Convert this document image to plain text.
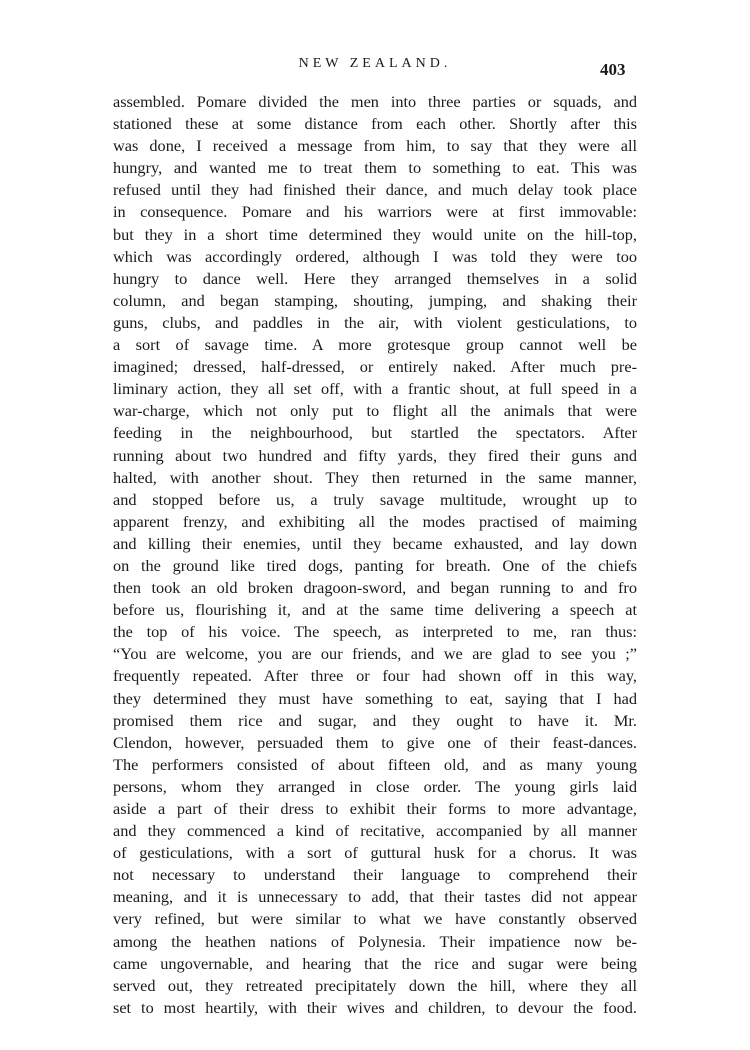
NEW ZEALAND.	403
assembled. Pomare divided the men into three parties or squads, and
stationed these at some distance from each other. Shortly after this
was done, I received a message from him, to say that they were all
hungry, and wanted me to treat them to something to eat. This was
refused until they had finished their dance, and much delay took place
in consequence. Pomare and his warriors were at first immovable:
but they in a short time determined they would unite on the hill-top,
which was accordingly ordered, although I was told they were too
hungry to dance well. Here they arranged themselves in a solid
column, and began stamping, shouting, jumping, and shaking their
guns, clubs, and paddles in the air, with violent gesticulations, to
a sort of savage time. A more grotesque group cannot well be
imagined; dressed, half-dressed, or entirely naked. After much pre-
liminary action, they all set off, with a frantic shout, at full speed in a
war-charge, which not only put to flight all the animals that were
feeding in the neighbourhood, but startled the spectators. After
running about two hundred and fifty yards, they fired their guns and
halted, with another shout. They then returned in the same manner,
and stopped before us, a truly savage multitude, wrought up to
apparent frenzy, and exhibiting all the modes practised of maiming
and killing their enemies, until they became exhausted, and lay down
on the ground like tired dogs, panting for breath. One of the chiefs
then took an old broken dragoon-sword, and began running to and fro
before us, flourishing it, and at the same time delivering a speech at
the top of his voice. The speech, as interpreted to me, ran thus:
“You are welcome, you are our friends, and we are glad to see you ;”
frequently repeated. After three or four had shown off in this way,
they determined they must have something to eat, saying that I had
promised them rice and sugar, and they ought to have it. Mr.
Clendon, however, persuaded them to give one of their feast-dances.
The performers consisted of about fifteen old, and as many young
persons, whom they arranged in close order. The young girls laid
aside a part of their dress to exhibit their forms to more advantage,
and they commenced a kind of recitative, accompanied by all manner
of gesticulations, with a sort of guttural husk for a chorus. It was
not necessary to understand their language to comprehend their
meaning, and it is unnecessary to add, that their tastes did not appear
very refined, but were similar to what we have constantly observed
among the heathen nations of Polynesia. Their impatience now be-
came ungovernable, and hearing that the rice and sugar were being
served out, they retreated precipitately down the hill, where they all
set to most heartily, with their wives and children, to devour the food.
